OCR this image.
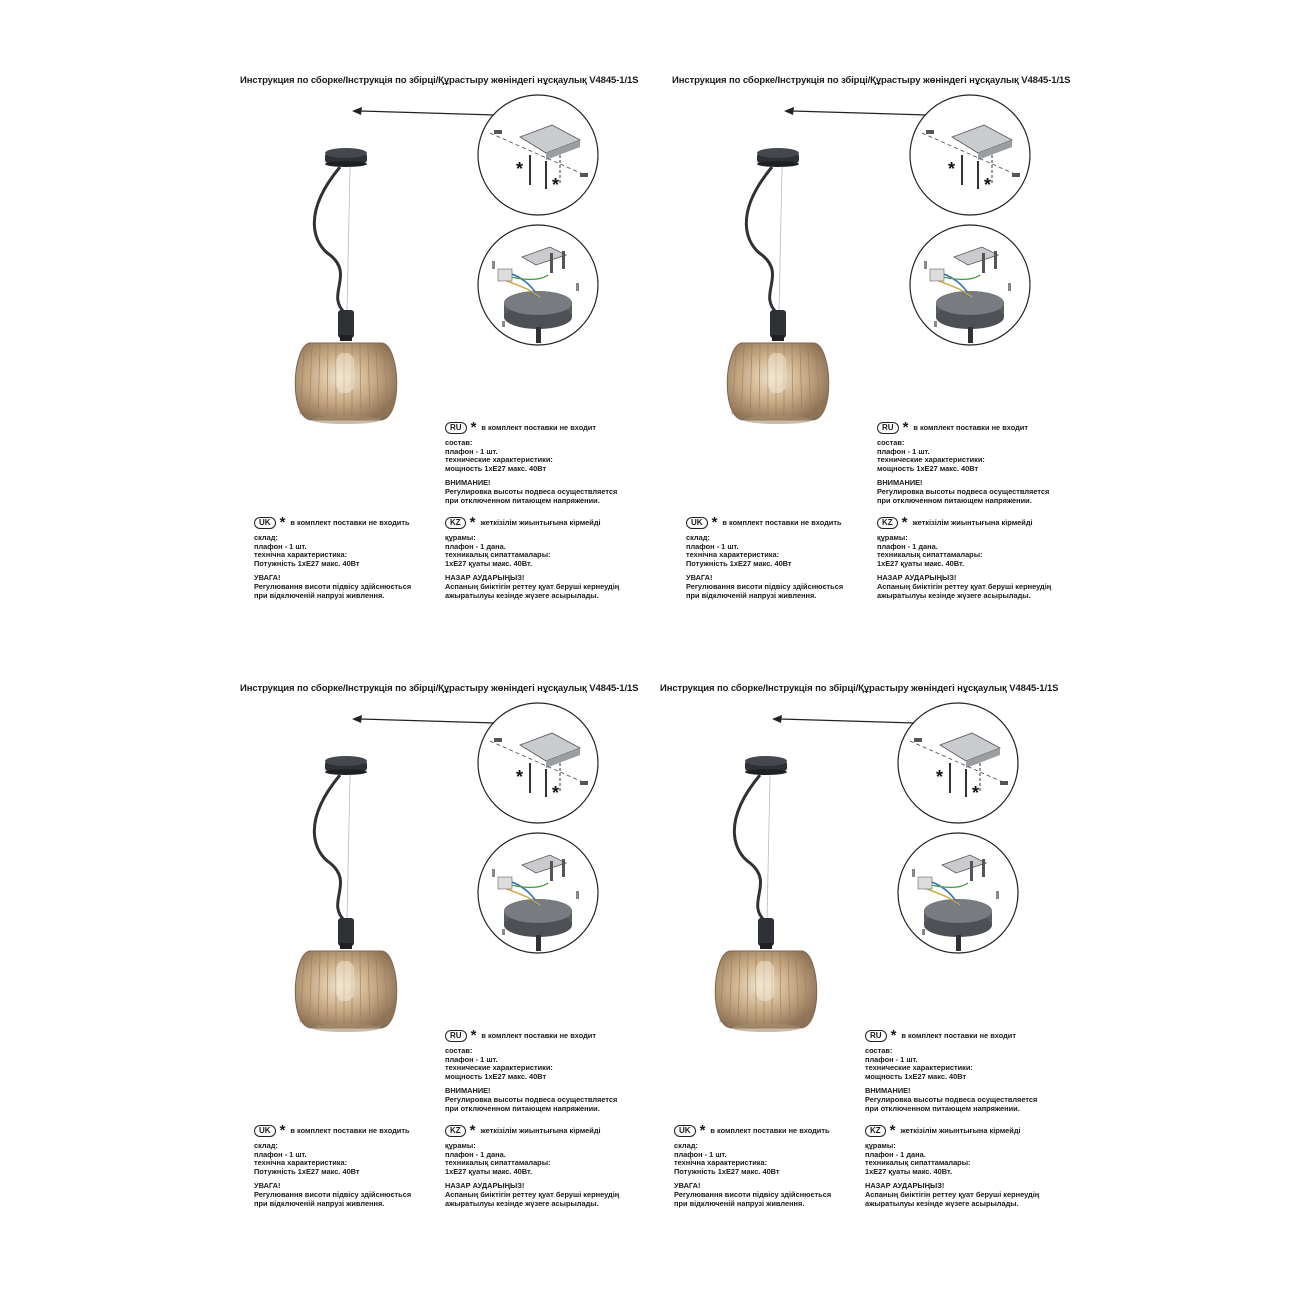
Инструкция по сборке/Інструкція по збірці/Құрастыру жөніндегі нұсқаулық V4845-1/1S
*
*
RU * в комплект поставки не входит
состав:
плафон - 1 шт.
технические характеристики:
мощность 1xE27 макс. 40Вт
ВНИМАНИЕ!
Регулировка высоты подвеса осуществляется
при отключенном питающем напряжении.
UK * в комплект поставки не входить
склад:
плафон - 1 шт.
технічна характеристика:
Потужність 1xE27 макс. 40Вт
УВАГА!
Регулювання висоти підвісу здійснюється
при відключеній напрузі живлення.
KZ * жеткізілім жиынтығына кірмейді
құрамы:
плафон - 1 дана.
техникалық сипаттамалары:
1xE27 қуаты макс. 40Вт.
НАЗАР АУДАРЫҢЫЗ!
Аспаның биіктігін реттеу қуат беруші кернеудің
ажыратылуы кезінде жүзеге асырылады.
Инструкция по сборке/Інструкція по збірці/Құрастыру жөніндегі нұсқаулық V4845-1/1S
*
*
RU * в комплект поставки не входит
состав:
плафон - 1 шт.
технические характеристики:
мощность 1xE27 макс. 40Вт
ВНИМАНИЕ!
Регулировка высоты подвеса осуществляется
при отключенном питающем напряжении.
UK * в комплект поставки не входить
склад:
плафон - 1 шт.
технічна характеристика:
Потужність 1xE27 макс. 40Вт
УВАГА!
Регулювання висоти підвісу здійснюється
при відключеній напрузі живлення.
KZ * жеткізілім жиынтығына кірмейді
құрамы:
плафон - 1 дана.
техникалық сипаттамалары:
1xE27 қуаты макс. 40Вт.
НАЗАР АУДАРЫҢЫЗ!
Аспаның биіктігін реттеу қуат беруші кернеудің
ажыратылуы кезінде жүзеге асырылады.
Инструкция по сборке/Інструкція по збірці/Құрастыру жөніндегі нұсқаулық V4845-1/1S
*
*
RU * в комплект поставки не входит
состав:
плафон - 1 шт.
технические характеристики:
мощность 1xE27 макс. 40Вт
ВНИМАНИЕ!
Регулировка высоты подвеса осуществляется
при отключенном питающем напряжении.
UK * в комплект поставки не входить
склад:
плафон - 1 шт.
технічна характеристика:
Потужність 1xE27 макс. 40Вт
УВАГА!
Регулювання висоти підвісу здійснюється
при відключеній напрузі живлення.
KZ * жеткізілім жиынтығына кірмейді
құрамы:
плафон - 1 дана.
техникалық сипаттамалары:
1xE27 қуаты макс. 40Вт.
НАЗАР АУДАРЫҢЫЗ!
Аспаның биіктігін реттеу қуат беруші кернеудің
ажыратылуы кезінде жүзеге асырылады.
Инструкция по сборке/Інструкція по збірці/Құрастыру жөніндегі нұсқаулық V4845-1/1S
*
*
RU * в комплект поставки не входит
состав:
плафон - 1 шт.
технические характеристики:
мощность 1xE27 макс. 40Вт
ВНИМАНИЕ!
Регулировка высоты подвеса осуществляется
при отключенном питающем напряжении.
UK * в комплект поставки не входить
склад:
плафон - 1 шт.
технічна характеристика:
Потужність 1xE27 макс. 40Вт
УВАГА!
Регулювання висоти підвісу здійснюється
при відключеній напрузі живлення.
KZ * жеткізілім жиынтығына кірмейді
құрамы:
плафон - 1 дана.
техникалық сипаттамалары:
1xE27 қуаты макс. 40Вт.
НАЗАР АУДАРЫҢЫЗ!
Аспаның биіктігін реттеу қуат беруші кернеудің
ажыратылуы кезінде жүзеге асырылады.
